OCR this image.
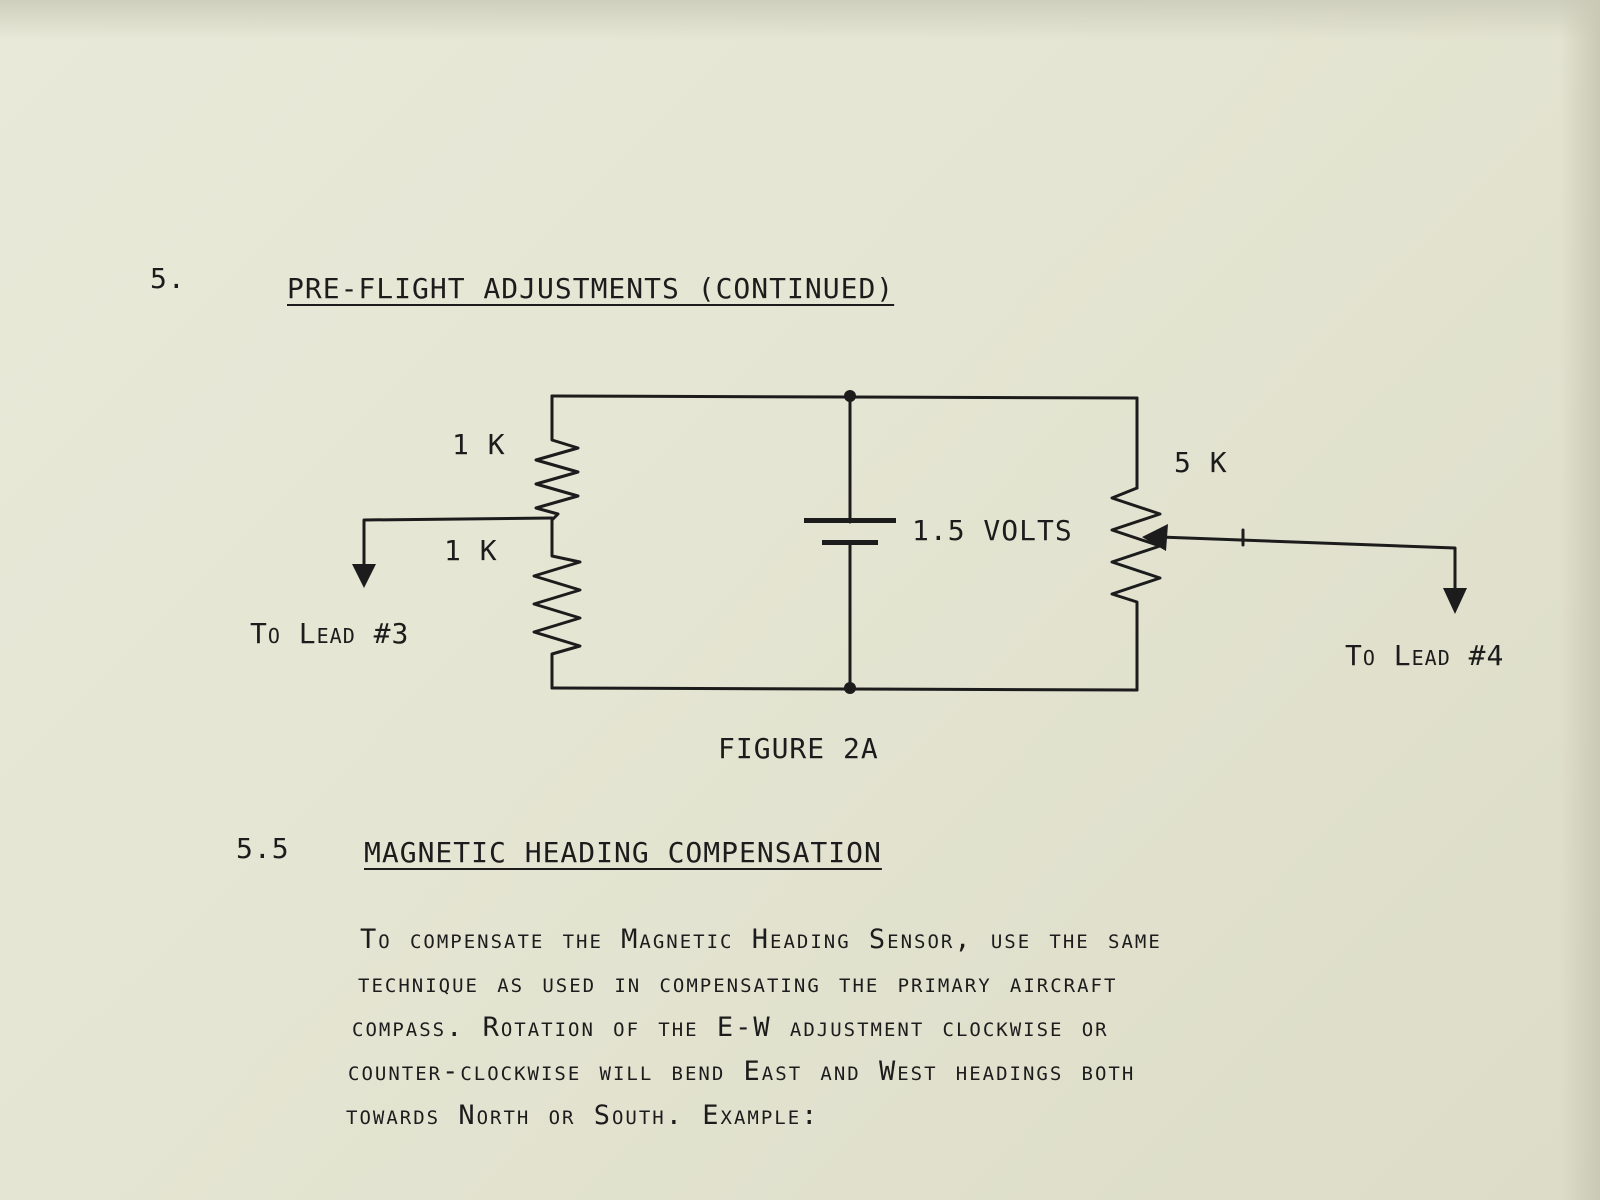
5.	PRE-FLIGHT ADJUSTMENTS (CONTINUED)
1 K
1 K
5 K
1.5 VOLTS
To Lead #3
To Lead #4
FIGURE 2A
5.5	MAGNETIC HEADING COMPENSATION
To compensate the Magnetic Heading Sensor, use the same
technique as used in compensating the primary aircraft
compass. Rotation of the E-W adjustment clockwise or
counter-clockwise will bend East and West headings both
towards North or South. Example:
